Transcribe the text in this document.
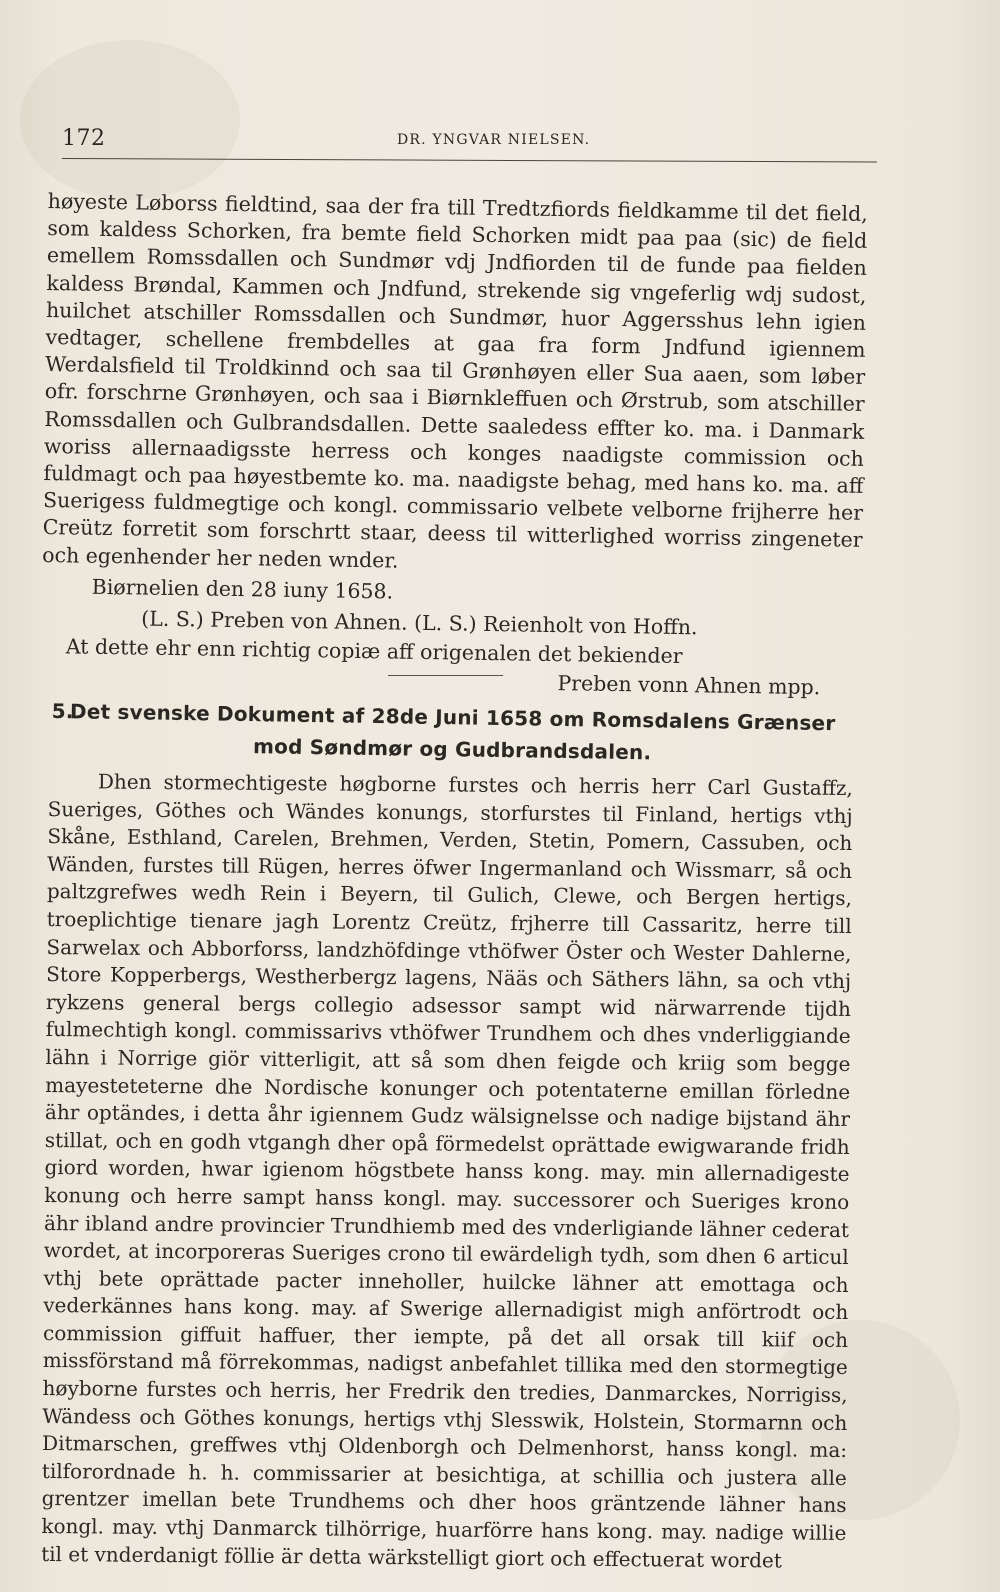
172	DR. YNGVAR NIELSEN.

høyeste Løborss fieldtind, saa der fra till Tredtzfiords fieldkamme til det field, som kaldess Schorken, fra bemte field Schorken midt paa paa (sic) de field emellem Romssdallen och Sundmør vdj Jndfiorden til de funde paa fielden kaldess Brøndal, Kammen och Jndfund, strekende sig vngeferlig wdj sudost, huilchet atschiller Romssdallen och Sundmør, huor Aggersshus lehn igien vedtager, schellene frembdelles at gaa fra form Jndfund igiennem Werdalsfield til Troldkinnd och saa til Grønhøyen eller Sua aaen, som løber ofr. forschrne Grønhøyen, och saa i Biørnkleffuen och Ørstrub, som atschiller Romssdallen och Gulbrandsdallen. Dette saaledess effter ko. ma. i Danmark woriss allernaadigsste herress och konges naadigste commission och fuldmagt och paa høyestbemte ko. ma. naadigste behag, med hans ko. ma. aff Suerigess fuldmegtige och kongl. commissario velbete velborne frijherre her Creütz forretit som forschrtt staar, deess til witterlighed worriss zingeneter och egenhender her neden wnder.

Biørnelien den 28 iuny 1658.
(L. S.) Preben von Ahnen. (L. S.) Reienholt von Hoffn.
At dette ehr enn richtig copiæ aff origenalen det bekiender
Preben vonn Ahnen mpp.
5.
Det svenske Dokument af 28de Juni 1658 om Romsdalens Grænser
mod Søndmør og Gudbrandsdalen.

Dhen stormechtigeste høgborne furstes och herris herr Carl Gustaffz, Sueriges, Göthes och Wändes konungs, storfurstes til Finland, hertigs vthj Skåne, Esthland, Carelen, Brehmen, Verden, Stetin, Pomern, Cassuben, och Wänden, furstes till Rügen, herres öfwer Ingermanland och Wissmarr, så och paltzgrefwes wedh Rein i Beyern, til Gulich, Clewe, och Bergen hertigs, troeplichtige tienare jagh Lorentz Creütz, frjherre till Cassaritz, herre till Sarwelax och Abborforss, landzhöfdinge vthöfwer Öster och Wester Dahlerne, Store Kopperbergs, Westherbergz lagens, Nääs och Säthers lähn, sa och vthj rykzens general bergs collegio adsessor sampt wid närwarrende tijdh fulmechtigh kongl. commissarivs vthöfwer Trundhem och dhes vnderliggiande lähn i Norrige giör vitterligit, att så som dhen feigde och kriig som begge mayesteteterne dhe Nordische konunger och potentaterne emillan förledne ähr optändes, i detta åhr igiennem Gudz wälsignelsse och nadige bijstand ähr stillat, och en godh vtgangh dher opå förmedelst oprättade ewigwarande fridh giord worden, hwar igienom högstbete hanss kong. may. min allernadigeste konung och herre sampt hanss kongl. may. successorer och Sueriges krono ähr ibland andre provincier Trundhiemb med des vnderligiande lähner cederat wordet, at incorporeras Sueriges crono til ewärdeligh tydh, som dhen 6 articul vthj bete oprättade pacter inneholler, huilcke lähner att emottaga och vederkännes hans kong. may. af Swerige allernadigist migh anförtrodt och commission giffuit haffuer, ther iempte, på det all orsak till kiif och missförstand må förrekommas, nadigst anbefahlet tillika med den stormegtige høyborne furstes och herris, her Fredrik den tredies, Danmarckes, Norrigiss, Wändess och Göthes konungs, hertigs vthj Slesswik, Holstein, Stormarnn och Ditmarschen, greffwes vthj Oldenborgh och Delmenhorst, hanss kongl. ma: tilforordnade h. h. commissarier at besichtiga, at schillia och justera alle grentzer imellan bete Trundhems och dher hoos gräntzende lähner hans kongl. may. vthj Danmarck tilhörrige, huarförre hans kong. may. nadige willie til et vnderdanigt föllie är detta wärkstelligt giort och effectuerat wordet
